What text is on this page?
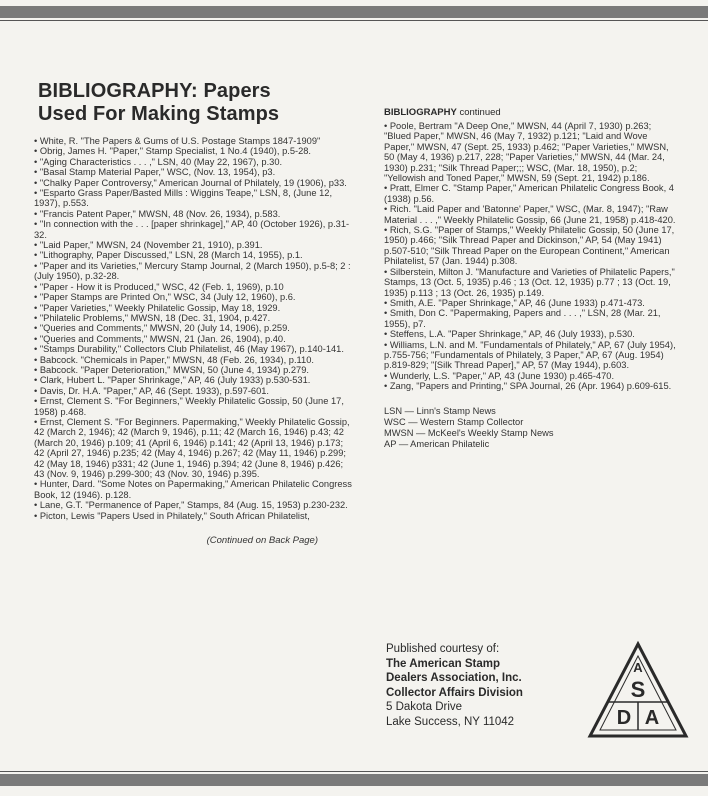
BIBLIOGRAPHY: Papers
Used For Making Stamps
• White, R. "The Papers & Gums of U.S. Postage Stamps 1847-1909"
• Obrig, James H. "Paper," Stamp Specialist, 1 No.4 (1940), p.5-28.
• "Aging Characteristics . . . ," LSN, 40 (May 22, 1967), p.30.
• "Basal Stamp Material Paper," WSC, (Nov. 13, 1954), p3.
• "Chalky Paper Controversy," American Journal of Philately, 19 (1906), p33.
• "Esparto Grass Paper/Basted Mills : Wiggins Teape," LSN, 8, (June 12, 1937), p.553.
• "Francis Patent Paper," MWSN, 48 (Nov. 26, 1934), p.583.
• "In connection with the . . . [paper shrinkage]," AP, 40 (October 1926), p.31-32.
• "Laid Paper," MWSN, 24 (November 21, 1910), p.391.
• "Lithography, Paper Discussed," LSN, 28 (March 14, 1955), p.1.
• "Paper and its Varieties," Mercury Stamp Journal, 2 (March 1950), p.5-8; 2 : (July 1950), p.32-28.
• "Paper - How it is Produced," WSC, 42 (Feb. 1, 1969), p.10
• "Paper Stamps are Printed On," WSC, 34 (July 12, 1960), p.6.
• "Paper Varieties," Weekly Philatelic Gossip, May 18, 1929.
• "Philatelic Problems," MWSN, 18 (Dec. 31, 1904, p.427.
• "Queries and Comments," MWSN, 20 (July 14, 1906), p.259.
• "Queries and Comments," MWSN, 21 (Jan. 26, 1904), p.40.
• "Stamps Durability," Collectors Club Philatelist, 46 (May 1967), p.140-141.
• Babcock. "Chemicals in Paper," MWSN, 48 (Feb. 26, 1934), p.110.
• Babcock. "Paper Deterioration," MWSN, 50 (June 4, 1934) p.279.
• Clark, Hubert L. "Paper Shrinkage," AP, 46 (July 1933) p.530-531.
• Davis, Dr. H.A. "Paper," AP, 46 (Sept. 1933), p.597-601.
• Ernst, Clement S. "For Beginners," Weekly Philatelic Gossip, 50 (June 17, 1958) p.468.
• Ernst, Clement S. "For Beginners. Papermaking," Weekly Philatelic Gossip, 42 (March 2, 1946); 42 (March 9, 1946), p.11; 42 (March 16, 1946) p.43; 42 (March 20, 1946) p.109; 41 (April 6, 1946) p.141; 42 (April 13, 1946) p.173; 42 (April 27, 1946) p.235; 42 (May 4, 1946) p.267; 42 (May 11, 1946) p.299; 42 (May 18, 1946) p331; 42 (June 1, 1946) p.394; 42 (June 8, 1946) p.426; 43 (Nov. 9, 1946) p.299-300; 43 (Nov. 30, 1946) p.395.
• Hunter, Dard. "Some Notes on Papermaking," American Philatelic Congress Book, 12 (1946). p.128.
• Lane, G.T. "Permanence of Paper," Stamps, 84 (Aug. 15, 1953) p.230-232.
• Picton, Lewis "Papers Used in Philately," South African Philatelist,
(Continued on Back Page)
BIBLIOGRAPHY continued
• Poole, Bertram "A Deep One," MWSN, 44 (April 7, 1930) p.263; "Blued Paper," MWSN, 46 (May 7, 1932) p.121; "Laid and Wove Paper," MWSN, 47 (Sept. 25, 1933) p.462; "Paper Varieties," MWSN, 50 (May 4, 1936) p.217, 228; "Paper Varieties," MWSN, 44 (Mar. 24, 1930) p.231; "Silk Thread Paper;;; WSC, (Mar. 18, 1950), p.2; "Yellowish and Toned Paper," MWSN, 59 (Sept. 21, 1942) p.186.
• Pratt, Elmer C. "Stamp Paper," American Philatelic Congress Book, 4 (1938) p.56.
• Rich. "Laid Paper and 'Batonne' Paper," WSC, (Mar. 8, 1947); "Raw Material . . . ," Weekly Philatelic Gossip, 66 (June 21, 1958) p.418-420.
• Rich, S.G. "Paper of Stamps," Weekly Philatelic Gossip, 50 (June 17, 1950) p.466; "Silk Thread Paper and Dickinson," AP, 54 (May 1941) p.507-510; "Silk Thread Paper on the European Continent," American Philatelist, 57 (Jan. 1944) p.308.
• Silberstein, Milton J. "Manufacture and Varieties of Philatelic Papers," Stamps, 13 (Oct. 5, 1935) p.46 ; 13 (Oct. 12, 1935) p.77 ; 13 (Oct. 19, 1935) p.113 ; 13 (Oct. 26, 1935) p.149.
• Smith, A.E. "Paper Shrinkage," AP, 46 (June 1933) p.471-473.
• Smith, Don C. "Papermaking, Papers and . . . ," LSN, 28 (Mar. 21, 1955), p7.
• Steffens, L.A. "Paper Shrinkage," AP, 46 (July 1933), p.530.
• Williams, L.N. and M. "Fundamentals of Philately," AP, 67 (July 1954), p.755-756; "Fundamentals of Philately, 3 Paper," AP, 67 (Aug. 1954) p.819-829; "[Silk Thread Paper]," AP, 57 (May 1944), p.603.
• Wunderly, L.S. "Paper," AP, 43 (June 1930) p.465-470.
• Zang, "Papers and Printing," SPA Journal, 26 (Apr. 1964) p.609-615.
LSN — Linn's Stamp News
WSC — Western Stamp Collector
MWSN — McKeel's Weekly Stamp News
AP — American Philatelic
Published courtesy of:
The American Stamp
Dealers Association, Inc.
Collector Affairs Division
5 Dakota Drive
Lake Success, NY 11042
A
S
D A
